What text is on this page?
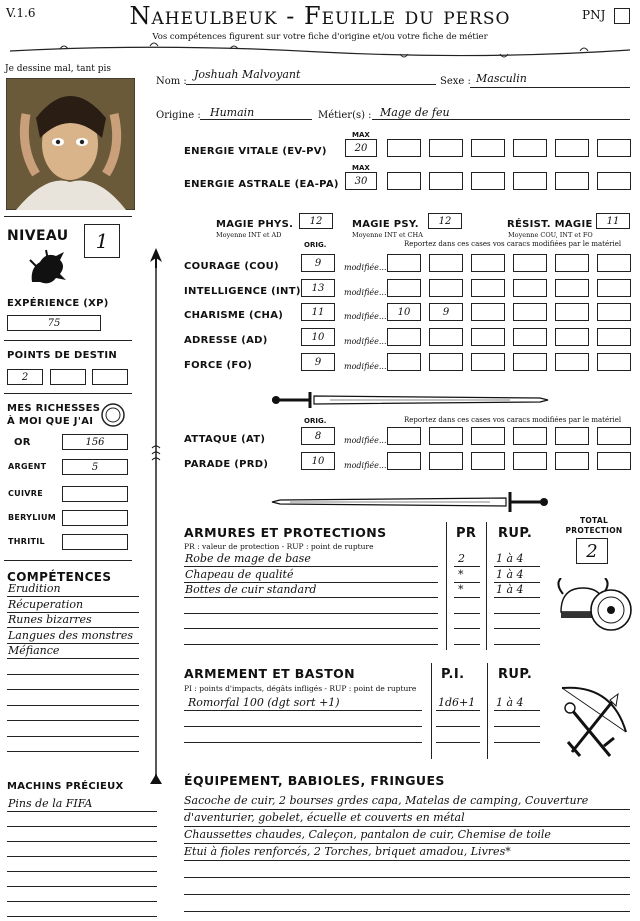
V.1.6	Naheulbeuk - Feuille du perso
Vos compétences figurent sur votre fiche d'origine et/ou votre fiche de métier
PNJ
Je dessine mal, tant pis
Nom :
Joshuah Malvoyant
Sexe : Masculin
Origine : Humain	Métier(s) : Mage de feu
MAX
ENERGIE VITALE (EV-PV)	20
MAX
ENERGIE ASTRALE (EA-PA)	30
MAGIE PHYS.
Moyenne INT et AD
12	MAGIE PSY.
Moyenne INT et CHA
12	RÉSIST. MAGIE
Moyenne COU, INT et FO
11
NIVEAU	1
EXPÉRIENCE (XP)
75
POINTS DE DESTIN
2
MES RICHESSES
À MOI QUE J'AI
COMPÉTENCES
MACHINS PRÉCIEUX
ORIG.	Reportez dans ces cases vos caracs modifiées par le matériel
ORIG.	Reportez dans ces cases vos caracs modifiées par le matériel
ARMURES ET PROTECTIONS
PR : valeur de protection - RUP : point de rupture
PR RUP.
TOTAL PROTECTION
2
ARMEMENT ET BASTON
PI : points d'impacts, dégâts infligés - RUP : point de rupture
P.I.	RUP.
ÉQUIPEMENT, BABIOLES, FRINGUES
OR	156
ARGENT	5
CUIVRE
BERYLIUM
THRITIL
Erudition
Récuperation
Runes bizarres
Langues des monstres
Méfiance
Pins de la FIFA
COURAGE (COU)	9	modifiée...
INTELLIGENCE (INT)	13	modifiée...
CHARISME (CHA)	11	modifiée...	10	9
ADRESSE (AD)	10	modifiée...
FORCE (FO)	9	modifiée...
ATTAQUE (AT)	8	modifiée...
PARADE (PRD)	10	modifiée...
Robe de mage de base	2	1 à 4
Chapeau de qualité	*	1 à 4
Bottes de cuir standard	*	1 à 4
Romorfal 100 (dgt sort +1)	1d6+1 1 à 4
Sacoche de cuir, 2 bourses grdes capa, Matelas de camping, Couverture
d'aventurier, gobelet, écuelle et couverts en métal
Chaussettes chaudes, Caleçon, pantalon de cuir, Chemise de toile
Etui à fioles renforcés, 2 Torches, briquet amadou, Livres*
